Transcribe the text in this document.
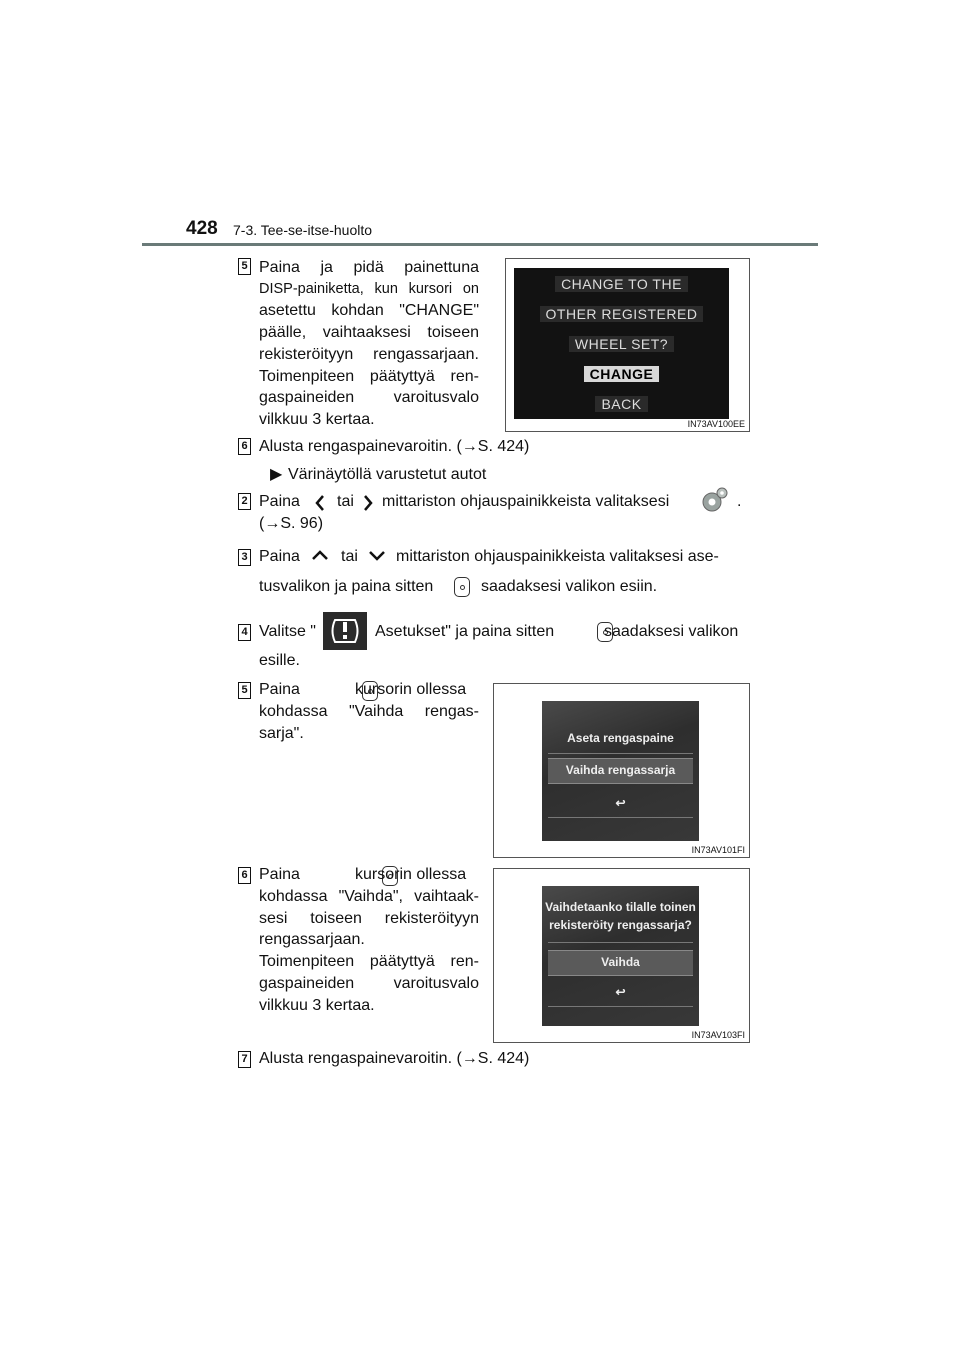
428 7-3. Tee-se-itse-huolto
5 Paina ja pidä painettuna
DISP-painiketta, kun kursori on
asetettu kohdan "CHANGE"
päälle, vaihtaaksesi toiseen
rekisteröityyn rengassarjaan.
Toimenpiteen päätyttyä ren-
gaspaineiden varoitusvalo
vilkkuu 3 kertaa.
CHANGE TO THE
OTHER REGISTERED
WHEEL SET?
CHANGE
BACK
IN73AV100EE
6 Alusta rengaspainevaroitin. (→S. 424)
▶ Värinäytöllä varustetut autot
2 Paina tai mittariston ohjauspainikkeista valitaksesi	.
(→S. 96)
3 Paina	tai mittariston ohjauspainikkeista valitaksesi ase-
tusvalikon ja paina sitten
	saadaksesi valikon esiin.
4 Valitse "	Asetukset" ja paina sitten
	saadaksesi valikon
esille.
5 Paina
	kursorin ollessa
kohdassa "Vaihda rengas-
sarja".	Aseta rengaspaine
Vaihda rengassarja
↩
IN73AV101FI
6 Paina	kursorin ollessa
kohdassa "Vaihda", vaihtaak-
sesi toiseen rekisteröityyn
rengassarjaan.
Toimenpiteen päätyttyä ren-
gaspaineiden varoitusvalo
vilkkuu 3 kertaa.
Vaihdetaanko tilalle toinen
rekisteröity rengassarja?
Vaihda
↩
IN73AV103FI
7 Alusta rengaspainevaroitin. (→S. 424)
